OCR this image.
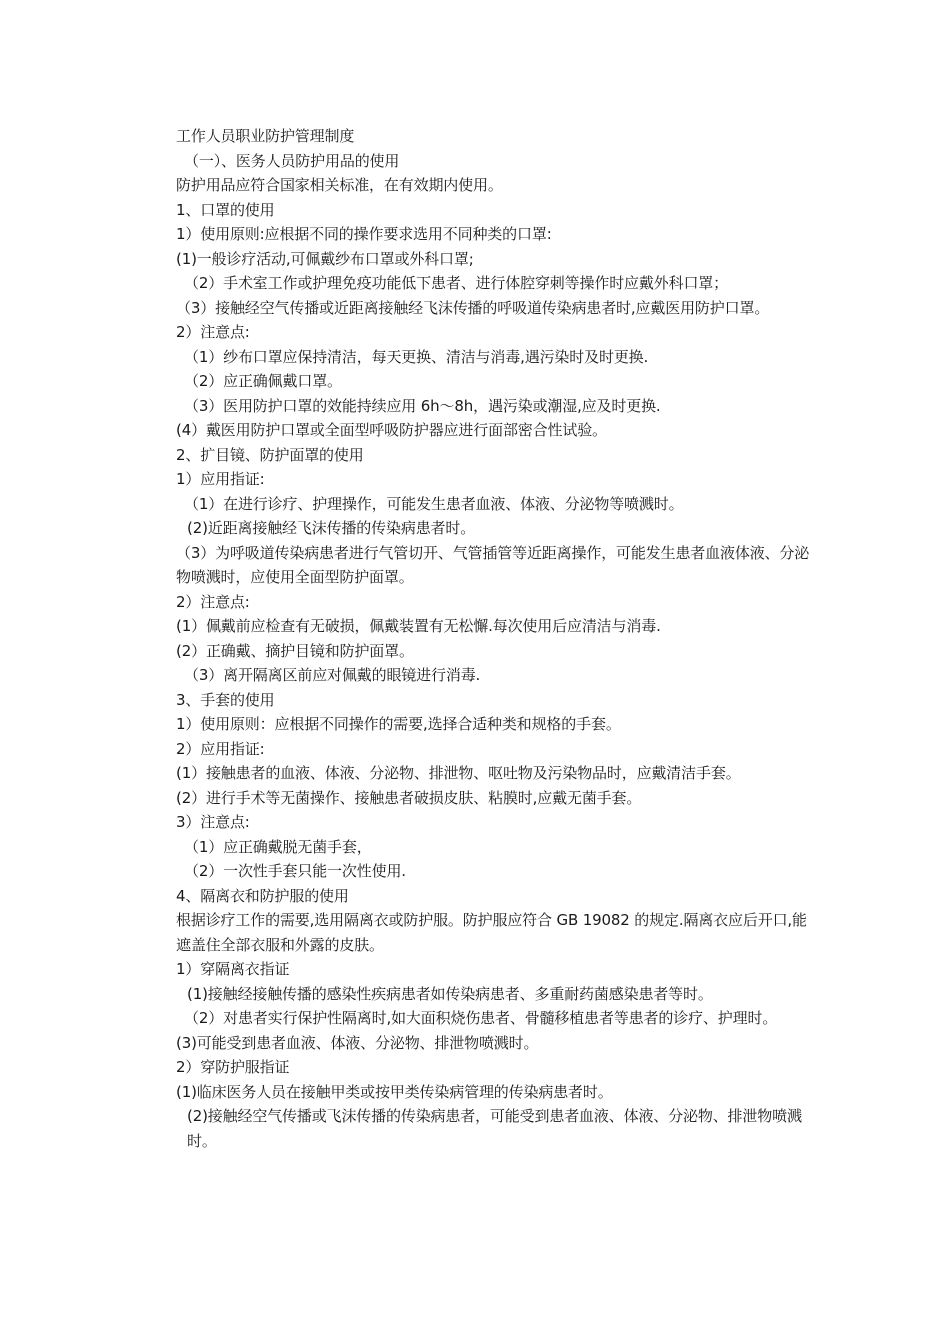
工作人员职业防护管理制度
（一）、医务人员防护用品的使用
防护用品应符合国家相关标准，在有效期内使用。
1、口罩的使用
1）使用原则:应根据不同的操作要求选用不同种类的口罩:
(1)一般诊疗活动,可佩戴纱布口罩或外科口罩;
（2）手术室工作或护理免疫功能低下患者、进行体腔穿刺等操作时应戴外科口罩；
（3）接触经空气传播或近距离接触经飞沫传播的呼吸道传染病患者时,应戴医用防护口罩。
2）注意点:
（1）纱布口罩应保持清洁，每天更换、清洁与消毒,遇污染时及时更换.
（2）应正确佩戴口罩。
（3）医用防护口罩的效能持续应用 6h～8h，遇污染或潮湿,应及时更换.
(4）戴医用防护口罩或全面型呼吸防护器应进行面部密合性试验。
2、扩目镜、防护面罩的使用
1）应用指证:
（1）在进行诊疗、护理操作，可能发生患者血液、体液、分泌物等喷溅时。
(2)近距离接触经飞沫传播的传染病患者时。
（3）为呼吸道传染病患者进行气管切开、气管插管等近距离操作，可能发生患者血液体液、分泌物喷溅时，应使用全面型防护面罩。
2）注意点:
(1）佩戴前应检查有无破损，佩戴装置有无松懈.每次使用后应清洁与消毒.
(2）正确戴、摘护目镜和防护面罩。
（3）离开隔离区前应对佩戴的眼镜进行消毒.
3、手套的使用
1）使用原则：应根据不同操作的需要,选择合适种类和规格的手套。
2）应用指证:
(1）接触患者的血液、体液、分泌物、排泄物、呕吐物及污染物品时，应戴清洁手套。
(2）进行手术等无菌操作、接触患者破损皮肤、粘膜时,应戴无菌手套。
3）注意点:
（1）应正确戴脱无菌手套，
（2）一次性手套只能一次性使用.
4、隔离衣和防护服的使用
根据诊疗工作的需要,选用隔离衣或防护服。防护服应符合 GB 19082 的规定.隔离衣应后开口,能遮盖住全部衣服和外露的皮肤。
1）穿隔离衣指证
(1)接触经接触传播的感染性疾病患者如传染病患者、多重耐药菌感染患者等时。
（2）对患者实行保护性隔离时,如大面积烧伤患者、骨髓移植患者等患者的诊疗、护理时。
(3)可能受到患者血液、体液、分泌物、排泄物喷溅时。
2）穿防护服指证
(1)临床医务人员在接触甲类或按甲类传染病管理的传染病患者时。
(2)接触经空气传播或飞沫传播的传染病患者，可能受到患者血液、体液、分泌物、排泄物喷溅时。
